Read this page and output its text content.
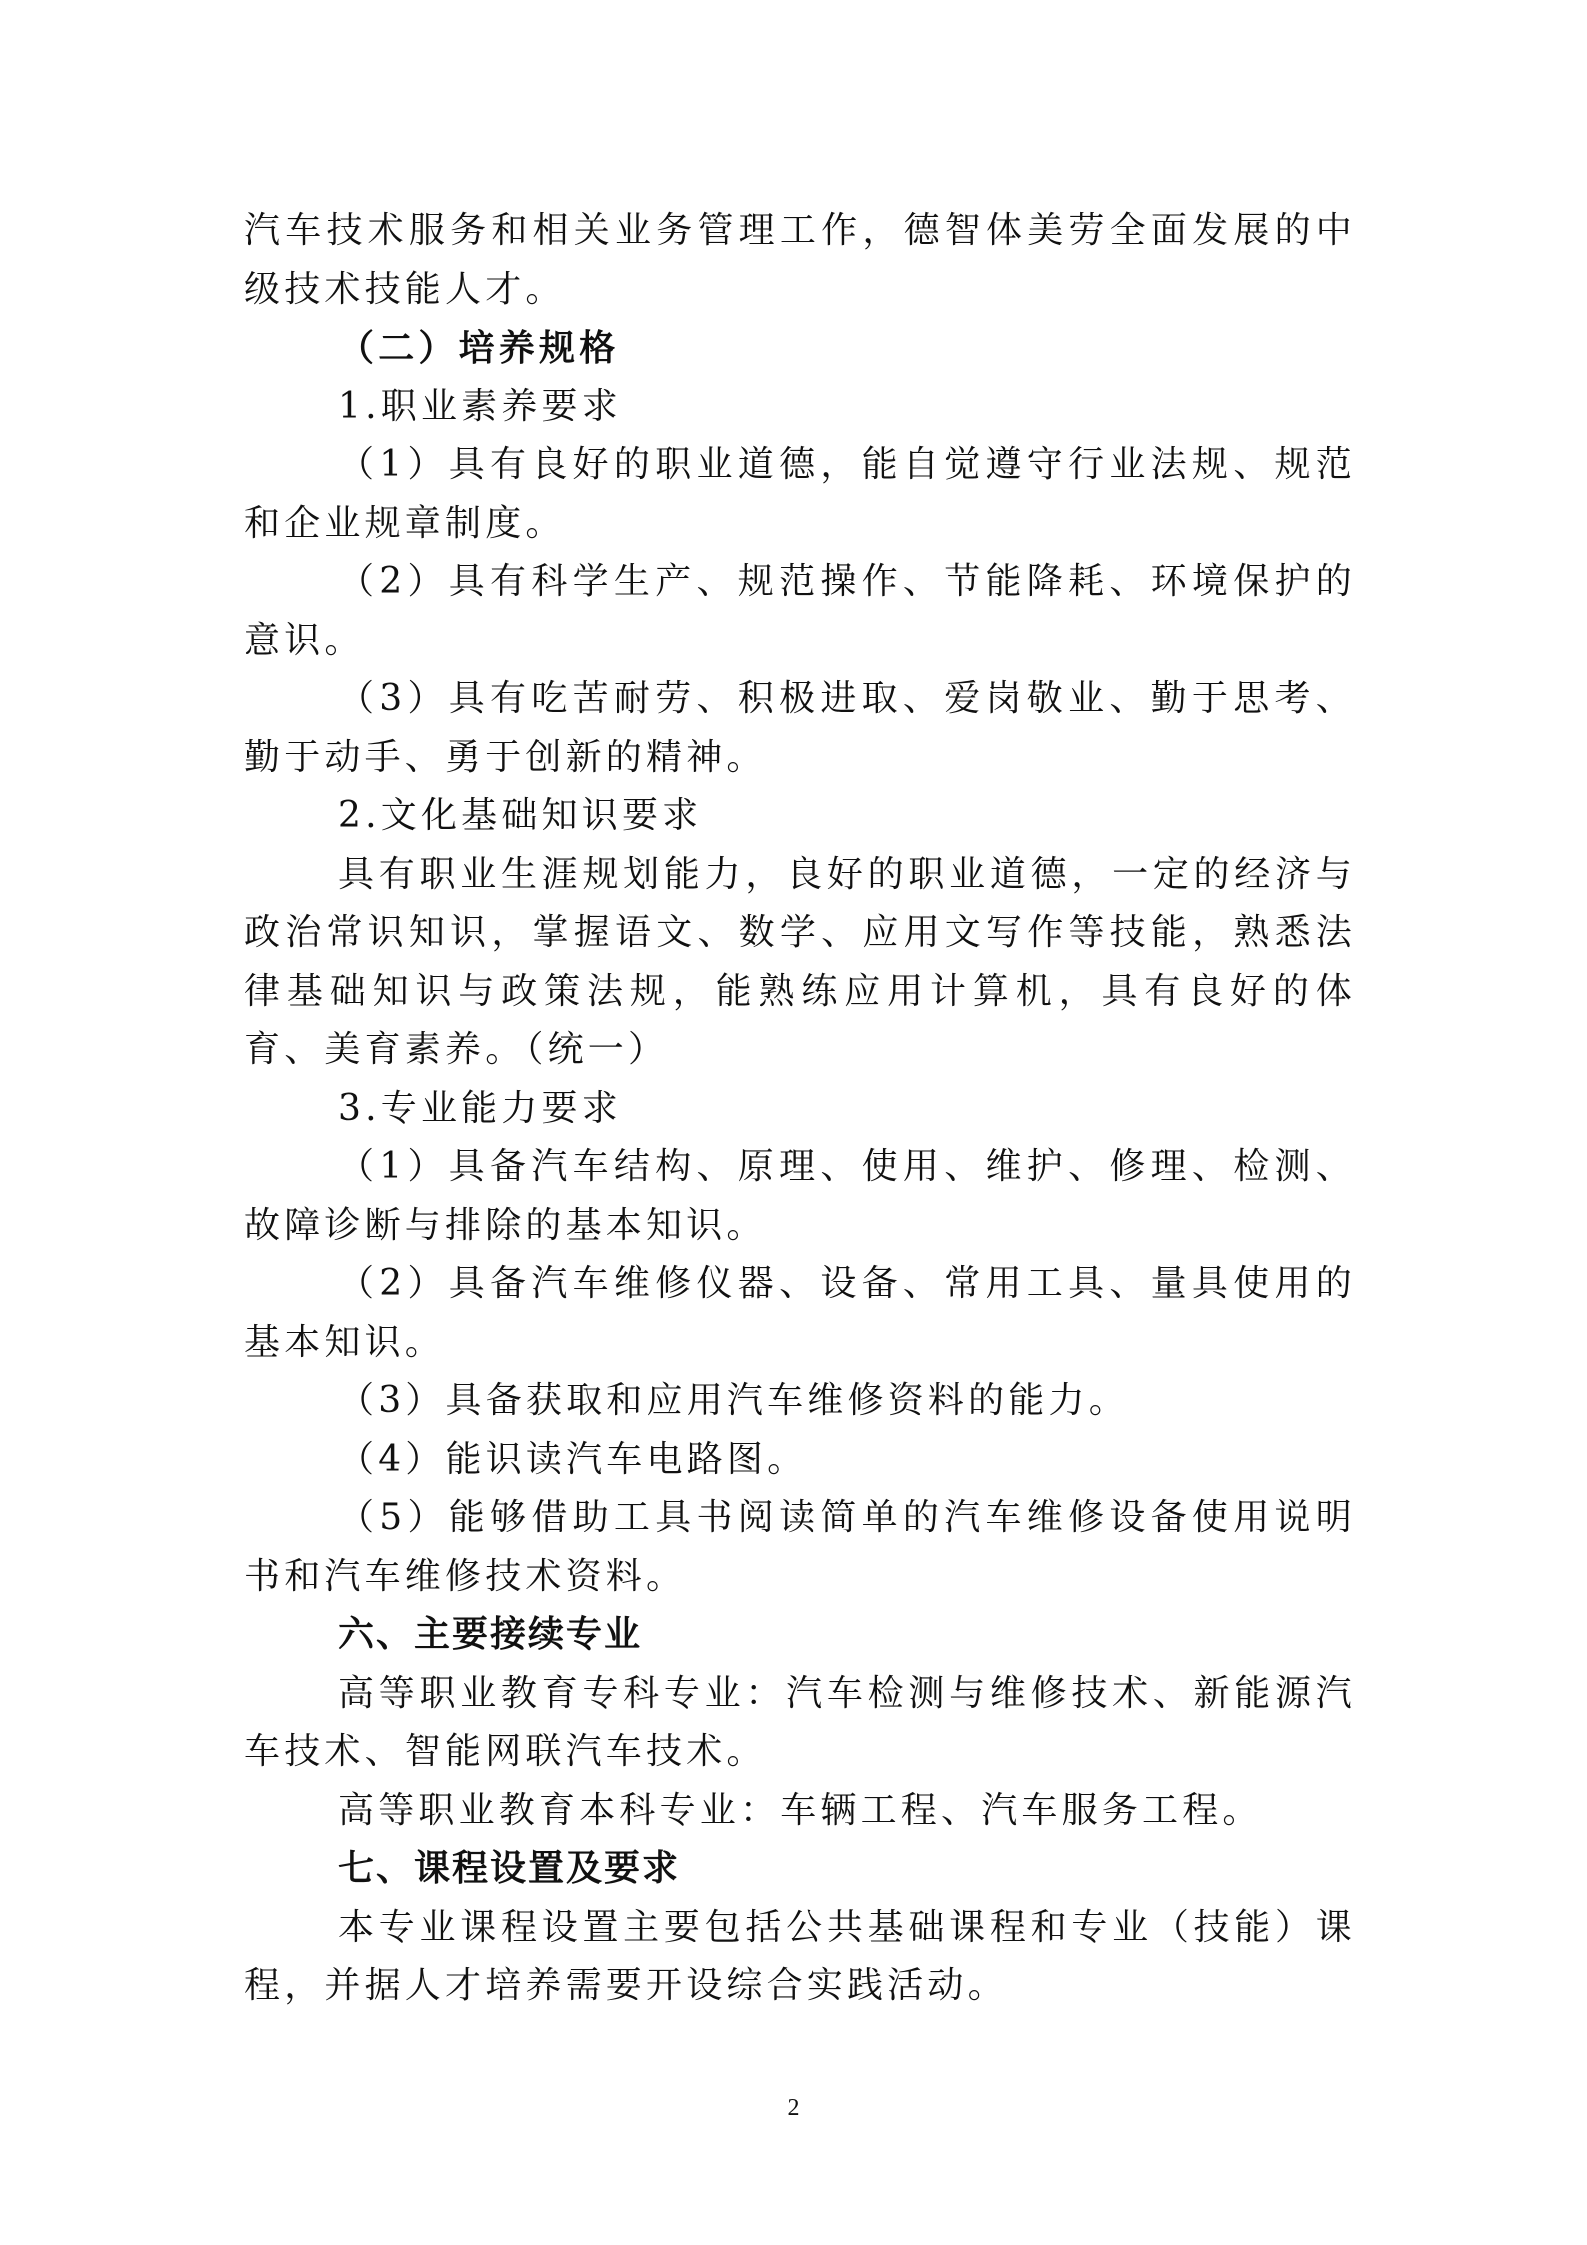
汽车技术服务和相关业务管理工作，德智体美劳全面发展的中级技术技能人才。

（二）培养规格

1.职业素养要求

（1）具有良好的职业道德，能自觉遵守行业法规、规范和企业规章制度。

（2）具有科学生产、规范操作、节能降耗、环境保护的意识。

（3）具有吃苦耐劳、积极进取、爱岗敬业、勤于思考、勤于动手、勇于创新的精神。

2.文化基础知识要求

具有职业生涯规划能力，良好的职业道德，一定的经济与政治常识知识，掌握语文、数学、应用文写作等技能，熟悉法律基础知识与政策法规，能熟练应用计算机，具有良好的体育、美育素养。（统一）

3.专业能力要求

（1）具备汽车结构、原理、使用、维护、修理、检测、故障诊断与排除的基本知识。

（2）具备汽车维修仪器、设备、常用工具、量具使用的基本知识。

（3）具备获取和应用汽车维修资料的能力。

（4）能识读汽车电路图。

（5）能够借助工具书阅读简单的汽车维修设备使用说明书和汽车维修技术资料。

六、主要接续专业

高等职业教育专科专业：汽车检测与维修技术、新能源汽车技术、智能网联汽车技术。

高等职业教育本科专业：车辆工程、汽车服务工程。

七、课程设置及要求

本专业课程设置主要包括公共基础课程和专业（技能）课程，并据人才培养需要开设综合实践活动。

2
